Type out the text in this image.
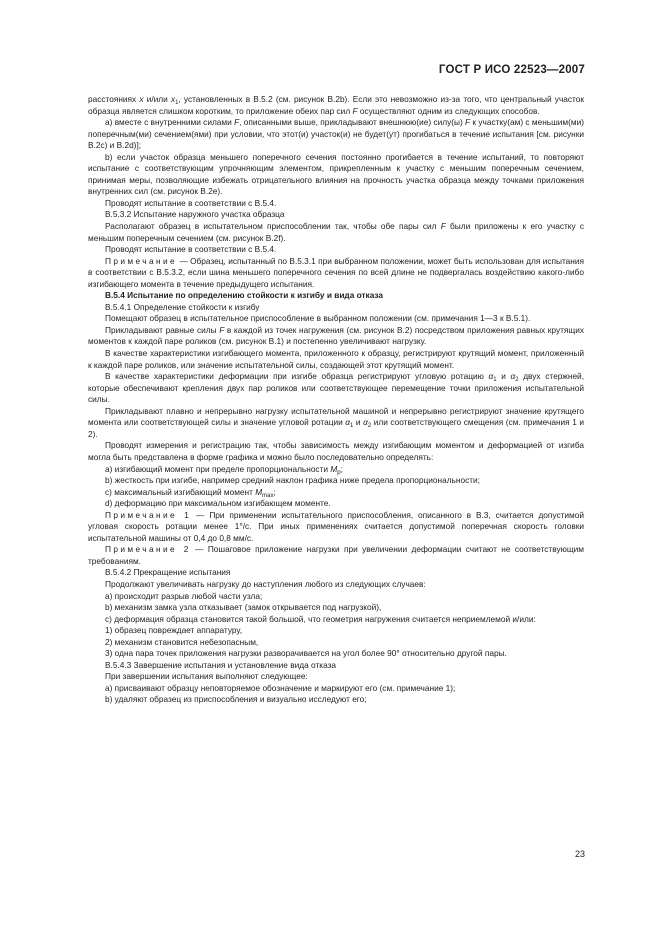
ГОСТ Р ИСО 22523—2007

расстояниях x и/или $x_1$, установленных в В.5.2 (см. рисунок В.2b). Если это невозможно из-за того, что центральный участок образца является слишком коротким, то приложение обеих пар сил F осуществляют одним из следующих способов.

а) вместе с внутренними силами F, описанными выше, прикладывают внешнюю(ие) силу(ы) F к участку(ам) с меньшим(ми) поперечным(ми) сечением(ями) при условии, что этот(и) участок(и) не будет(ут) прогибаться в течение испытания [см. рисунки В.2c) и В.2d)];

b) если участок образца меньшего поперечного сечения постоянно прогибается в течение испытаний, то повторяют испытание с соответствующим упрочняющим элементом, прикрепленным к участку с меньшим поперечным сечением, принимая меры, позволяющие избежать отрицательного влияния на прочность участка образца между точками приложения внутренних сил (см. рисунок В.2e).

Проводят испытание в соответствии с В.5.4.

В.5.3.2 Испытание наружного участка образца

Располагают образец в испытательном приспособлении так, чтобы обе пары сил F были приложены к его участку с меньшим поперечным сечением (см. рисунок В.2f).

Проводят испытание в соответствии с В.5.4.

Примечание — Образец, испытанный по В.5.3.1 при выбранном положении, может быть использован для испытания в соответствии с В.5.3.2, если шина меньшего поперечного сечения по всей длине не подвергалась воздействию какого-либо изгибающего момента в течение предыдущего испытания.

В.5.4 Испытание по определению стойкости к изгибу и вида отказа

В.5.4.1 Определение стойкости к изгибу

Помещают образец в испытательное приспособление в выбранном положении (см. примечания 1—3 к В.5.1).

Прикладывают равные силы F в каждой из точек нагружения (см. рисунок В.2) посредством приложения равных крутящих моментов к каждой паре роликов (см. рисунок В.1) и постепенно увеличивают нагрузку.

В качестве характеристики изгибающего момента, приложенного к образцу, регистрируют крутящий момент, приложенный к каждой паре роликов, или значение испытательной силы, создающей этот крутящий момент.

В качестве характеристики деформации при изгибе образца регистрируют угловую ротацию $\alpha_1$ и $\alpha_2$ двух стержней, которые обеспечивают крепления двух пар роликов или соответствующее перемещение точки приложения испытательной силы.

Прикладывают плавно и непрерывно нагрузку испытательной машиной и непрерывно регистрируют значение крутящего момента или соответствующей силы и значение угловой ротации $\alpha_1$ и $\alpha_2$ или соответствующего смещения (см. примечания 1 и 2).

Проводят измерения и регистрацию так, чтобы зависимость между изгибающим моментом и деформацией от изгиба могла быть представлена в форме графика и можно было последовательно определять:

a) изгибающий момент при пределе пропорциональности $M_p$;

b) жесткость при изгибе, например средний наклон графика ниже предела пропорциональности;

c) максимальный изгибающий момент $M_{max}$;

d) деформацию при максимальном изгибающем моменте.

Примечание 1 — При применении испытательного приспособления, описанного в В.3, считается допустимой угловая скорость ротации менее 1°/с. При иных применениях считается допустимой поперечная скорость головки испытательной машины от 0,4 до 0,8 мм/с.

Примечание 2 — Пошаговое приложение нагрузки при увеличении деформации считают не соответствующим требованиям.

В.5.4.2 Прекращение испытания

Продолжают увеличивать нагрузку до наступления любого из следующих случаев:

a) происходит разрыв любой части узла;

b) механизм замка узла отказывает (замок открывается под нагрузкой),

c) деформация образца становится такой большой, что геометрия нагружения считается неприемлемой и/или:

1) образец повреждает аппаратуру,

2) механизм становится небезопасным,

3) одна пара точек приложения нагрузки разворачивается на угол более 90° относительно другой пары.

В.5.4.3 Завершение испытания и установление вида отказа

При завершении испытания выполняют следующее:

a) присваивают образцу неповторяемое обозначение и маркируют его (см. примечание 1);

b) удаляют образец из приспособления и визуально исследуют его;

23
